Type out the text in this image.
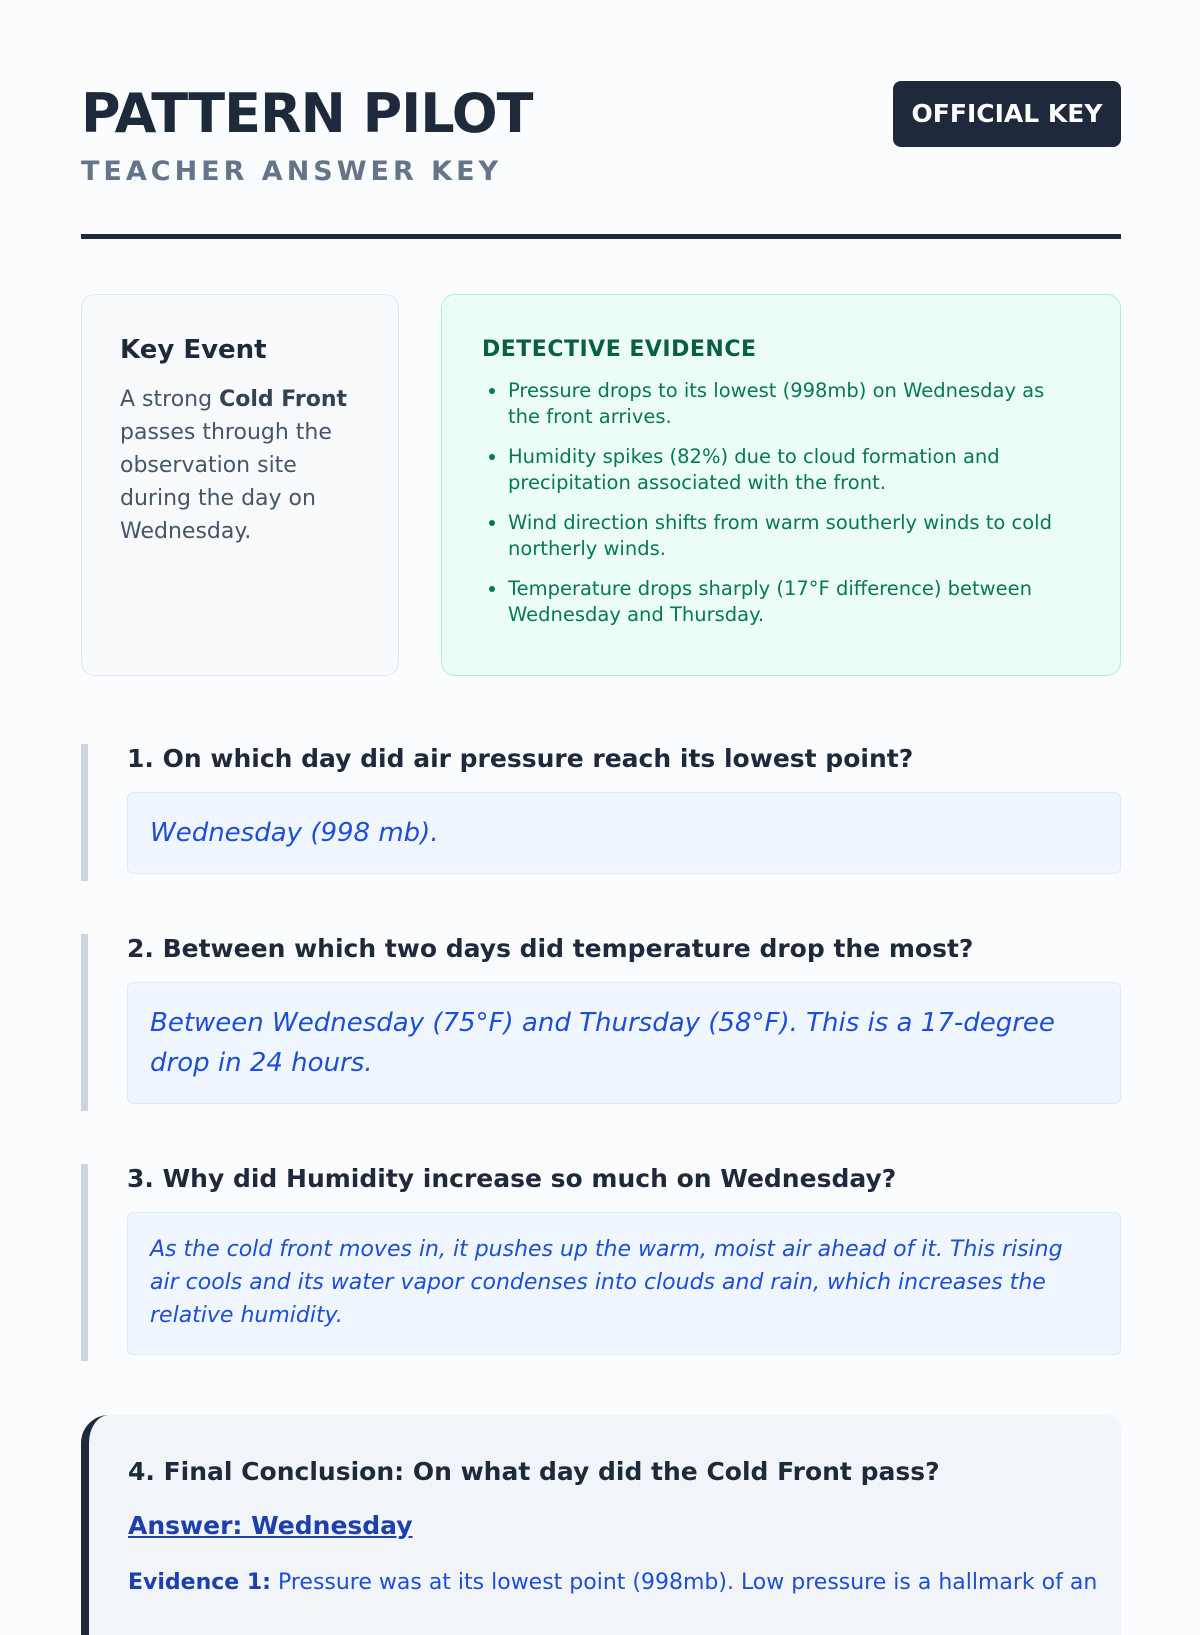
PATTERN PILOT
TEACHER ANSWER KEY
OFFICIAL KEY
Key Event
A strong Cold Front passes through the observation site during the day on Wednesday.
DETECTIVE EVIDENCE
• Pressure drops to its lowest (998mb) on Wednesday as the front arrives.
• Humidity spikes (82%) due to cloud formation and precipitation associated with the front.
• Wind direction shifts from warm southerly winds to cold northerly winds.
• Temperature drops sharply (17°F difference) between Wednesday and Thursday.
1. On which day did air pressure reach its lowest point?
Wednesday (998 mb).
2. Between which two days did temperature drop the most?
Between Wednesday (75°F) and Thursday (58°F). This is a 17-degree drop in 24 hours.
3. Why did Humidity increase so much on Wednesday?
As the cold front moves in, it pushes up the warm, moist air ahead of it. This rising air cools and its water vapor condenses into clouds and rain, which increases the relative humidity.
4. Final Conclusion: On what day did the Cold Front pass?
Answer: Wednesday
Evidence 1: Pressure was at its lowest point (998mb). Low pressure is a hallmark of an
